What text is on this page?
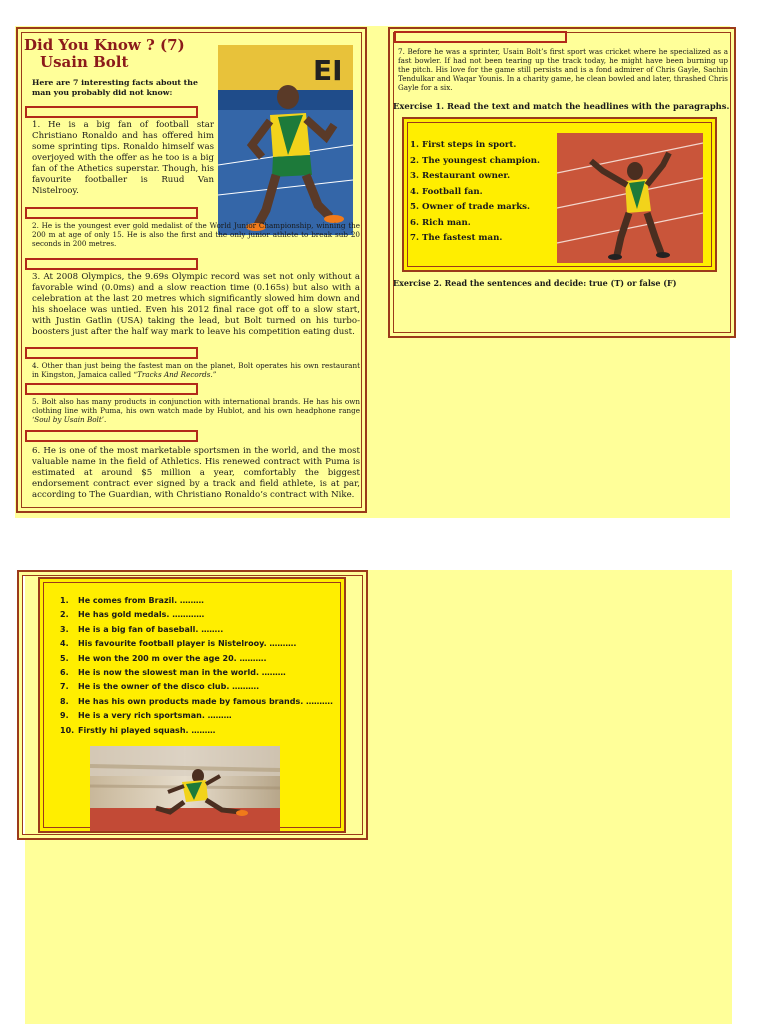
Did You Know ? (7)

Usain Bolt

Here are 7 interesting facts about the man you probably did not know:

EI

1. He is a big fan of football star Christiano Ronaldo and has offered him some sprinting tips. Ronaldo himself was overjoyed with the offer as he too is a big fan of the Athetics superstar. Though, his favourite footballer is Ruud Van Nistelrooy.

2. He is the youngest ever gold medalist of the World Junior Championship, winning the 200 m at age of only 15. He is also the first and the only junior athlete to break sub 20 seconds in 200 metres.

3. At 2008 Olympics, the 9.69s Olympic record was set not only without a favorable wind (0.0ms) and a slow reaction time (0.165s) but also with a celebration at the last 20 metres which significantly slowed him down and his shoelace was untied. Even his 2012 final race got off to a slow start, with Justin Gatlin (USA) taking the lead, but Bolt turned on his turbo-boosters just after the half way mark to leave his competition eating dust.

4. Other than just being the fastest man on the planet, Bolt operates his own restaurant in Kingston, Jamaica called “Tracks And Records.”

5. Bolt also has many products in conjunction with international brands. He has his own clothing line with Puma, his own watch made by Hublot, and his own headphone range ‘Soul by Usain Bolt’.

6. He is one of the most marketable sportsmen in the world, and the most valuable name in the field of Athletics. His renewed contract with Puma is estimated at around $5 million a year, comfortably the biggest endorsement contract ever signed by a track and field athlete, is at par, according to The Guardian, with Christiano Ronaldo’s contract with Nike.

7. Before he was a sprinter, Usain Bolt’s first sport was cricket where he specialized as a fast bowler. If had not been tearing up the track today, he might have been burning up the pitch. His love for the game still persists and is a fond admirer of Chris Gayle, Sachin Tendulkar and Waqar Younis. In a charity game, he clean bowled and later, thrashed Chris Gayle for a six.

Exercise 1. Read the text and match the headlines with the paragraphs.

1. First steps in sport.
2. The youngest champion.
3. Restaurant owner.
4. Football fan.
5. Owner of trade marks.
6. Rich man.
7. The fastest man.

Exercise 2. Read the sentences and decide: true (T) or false (F)

1. He comes from Brazil. ………
2. He has gold medals. …………
3. He is a big fan of baseball. ……..
4. His favourite football player is Nistelrooy. ……….
5. He won the 200 m over the age 20. ……….
6. He is now the slowest man in the world. ………
7. He is the owner of the disco club. ……….
8. He has his own products made by famous brands. ……….
9. He is a very rich sportsman. ………
10. Firstly hi played squash. ………
